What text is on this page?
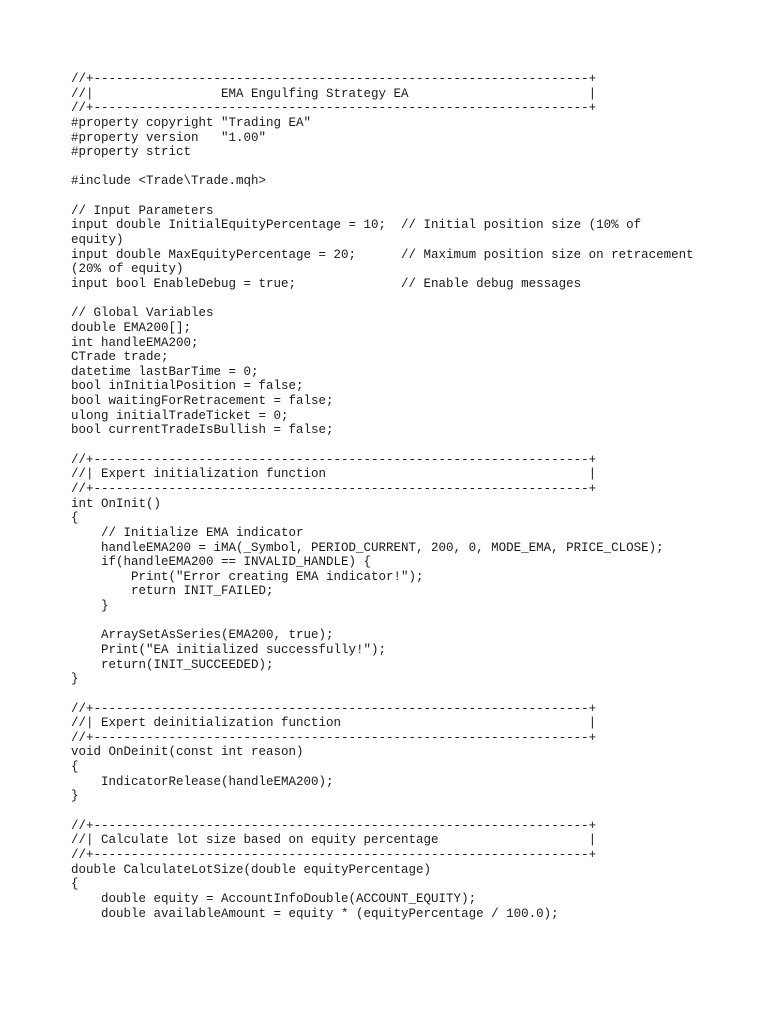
//+------------------------------------------------------------------+
//|                 EMA Engulfing Strategy EA                        |
//+------------------------------------------------------------------+
#property copyright "Trading EA"
#property version   "1.00"
#property strict
#include <Trade\Trade.mqh>
// Input Parameters
input double InitialEquityPercentage = 10;  // Initial position size (10% of
equity)
input double MaxEquityPercentage = 20;      // Maximum position size on retracement
(20% of equity)
input bool EnableDebug = true;              // Enable debug messages
// Global Variables
double EMA200[];
int handleEMA200;
CTrade trade;
datetime lastBarTime = 0;
bool inInitialPosition = false;
bool waitingForRetracement = false;
ulong initialTradeTicket = 0;
bool currentTradeIsBullish = false;
//+------------------------------------------------------------------+
//| Expert initialization function                                   |
//+------------------------------------------------------------------+
int OnInit()
{
// Initialize EMA indicator
handleEMA200 = iMA(_Symbol, PERIOD_CURRENT, 200, 0, MODE_EMA, PRICE_CLOSE);
if(handleEMA200 == INVALID_HANDLE) {
Print("Error creating EMA indicator!");
return INIT_FAILED;
}
ArraySetAsSeries(EMA200, true);
Print("EA initialized successfully!");
return(INIT_SUCCEEDED);
}
//+------------------------------------------------------------------+
//| Expert deinitialization function                                 |
//+------------------------------------------------------------------+
void OnDeinit(const int reason)
{
IndicatorRelease(handleEMA200);
}
//+------------------------------------------------------------------+
//| Calculate lot size based on equity percentage                    |
//+------------------------------------------------------------------+
double CalculateLotSize(double equityPercentage)
{
double equity = AccountInfoDouble(ACCOUNT_EQUITY);
double availableAmount = equity * (equityPercentage / 100.0);
